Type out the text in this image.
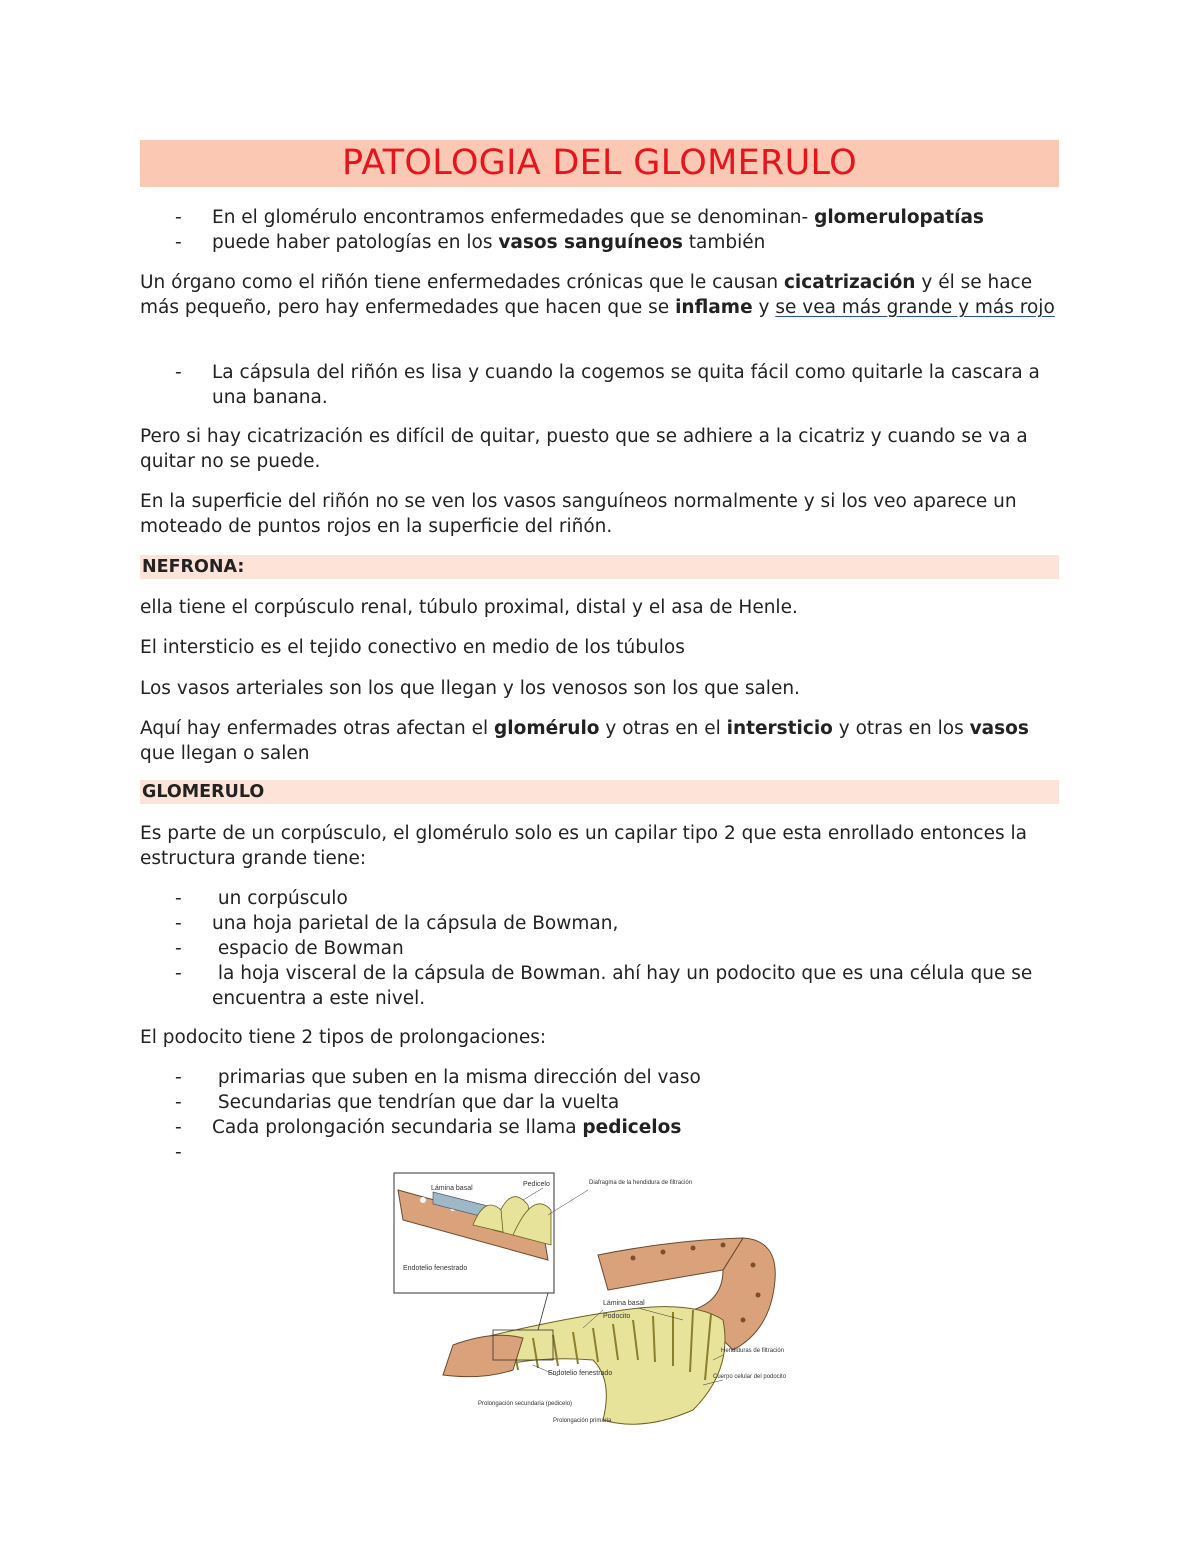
PATOLOGIA DEL GLOMERULO
-	En el glomérulo encontramos enfermedades que se denominan- glomerulopatías
-	puede haber patologías en los vasos sanguíneos también
Un órgano como el riñón tiene enfermedades crónicas que le causan cicatrización y él se hace más pequeño, pero hay enfermedades que hacen que se inflame y se vea más grande y más rojo
-	La cápsula del riñón es lisa y cuando la cogemos se quita fácil como quitarle la cascara a una banana.
Pero si hay cicatrización es difícil de quitar, puesto que se adhiere a la cicatriz y cuando se va a quitar no se puede.
En la superficie del riñón no se ven los vasos sanguíneos normalmente y si los veo aparece un moteado de puntos rojos en la superficie del riñón.
NEFRONA:
ella tiene el corpúsculo renal, túbulo proximal, distal y el asa de Henle.
El intersticio es el tejido conectivo en medio de los túbulos
Los vasos arteriales son los que llegan y los venosos son los que salen.
Aquí hay enfermades otras afectan el glomérulo y otras en el intersticio y otras en los vasos que llegan o salen
GLOMERULO
Es parte de un corpúsculo, el glomérulo solo es un capilar tipo 2 que esta enrollado entonces la estructura grande tiene:
-	un corpúsculo
-	una hoja parietal de la cápsula de Bowman,
-	espacio de Bowman
-	la hoja visceral de la cápsula de Bowman. ahí hay un podocito que es una célula que se encuentra a este nivel.
El podocito tiene 2 tipos de prolongaciones:
-	primarias que suben en la misma dirección del vaso
-	Secundarias que tendrían que dar la vuelta
-	Cada prolongación secundaria se llama pedicelos
-
Pedicelo
Lámina basal
Diafragma de la hendidura de filtración
Endotelio fenestrado
Lámina basal
Podocito
Hendiduras de filtración
Cuerpo celular del podocito
Endotelio fenestrado
Prolongación secundaria (pedicelo)
Prolongación primaria
